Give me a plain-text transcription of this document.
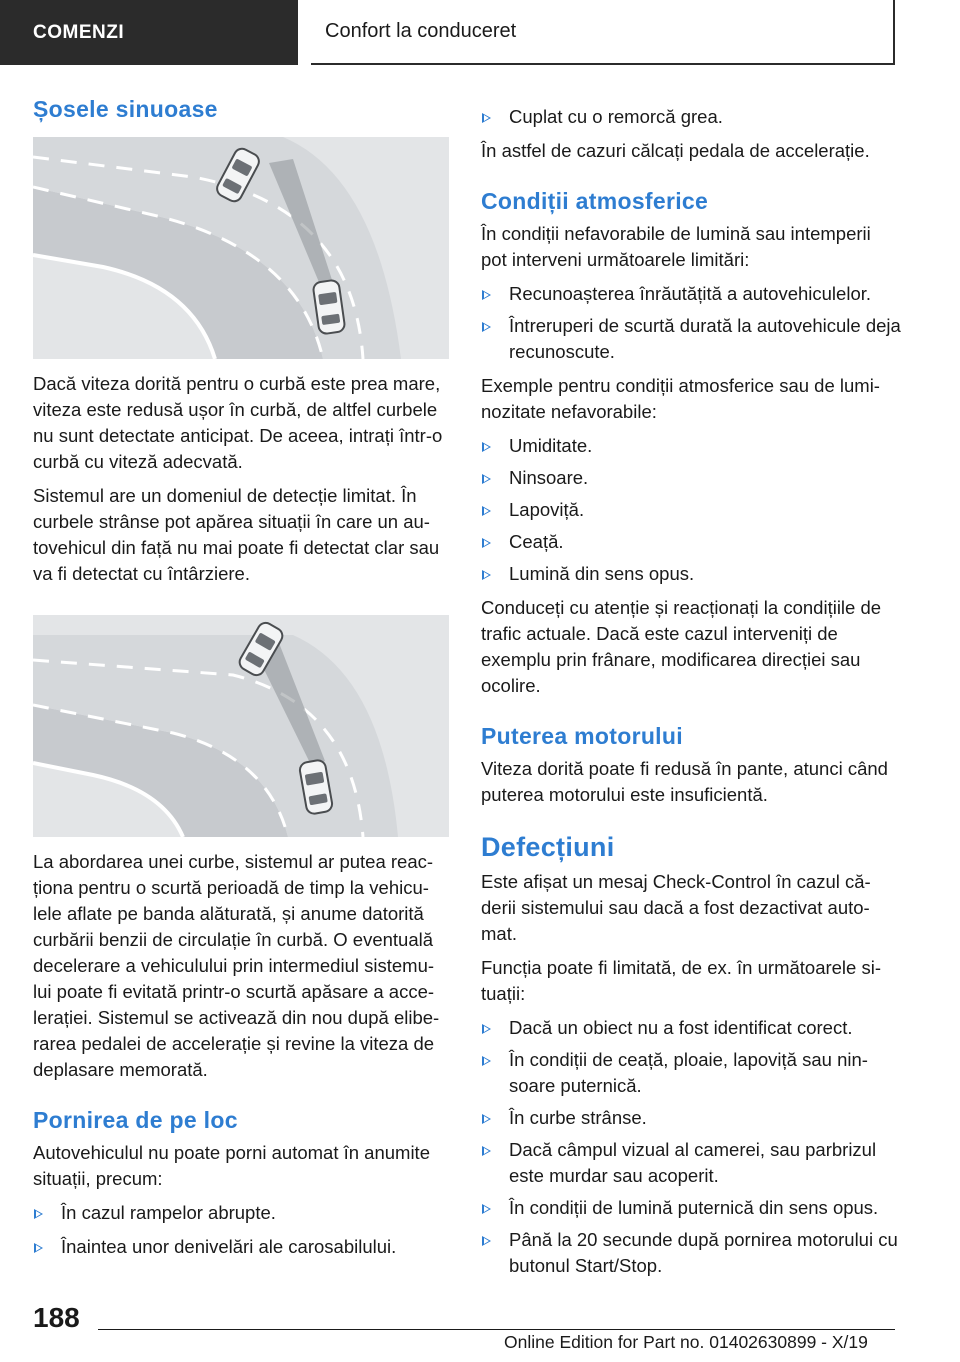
COMENZI	Confort la conduceret
Șosele sinuoase

Dacă viteza dorită pentru o curbă este prea mare, viteza este redusă ușor în curbă, de altfel curbele nu sunt detectate anticipat. De aceea, intrați într-o curbă cu viteză adecvată.

Sistemul are un domeniul de detecție limitat. În curbele strânse pot apărea situații în care un au-tovehicul din față nu mai poate fi detectat clar sau va fi detectat cu întârziere.

La abordarea unei curbe, sistemul ar putea reac-ționa pentru o scurtă perioadă de timp la vehicu-lele aflate pe banda alăturată, și anume datorită curbării benzii de circulație în curbă. O eventuală decelerare a vehiculului prin intermediul sistemu-lui poate fi evitată printr-o scurtă apăsare a acce-lerației. Sistemul se activează din nou după elibe-rarea pedalei de accelerație și revine la viteza de deplasare memorată.

Pornirea de pe loc

Autovehiculul nu poate porni automat în anumite situații, precum:

În cazul rampelor abrupte.
Înaintea unor denivelări ale carosabilului.
Cuplat cu o remorcă grea.

În astfel de cazuri călcați pedala de accelerație.

Condiții atmosferice

În condiții nefavorabile de lumină sau intemperii pot interveni următoarele limitări:

Recunoașterea înrăutățită a autovehiculelor.
Întreruperi de scurtă durată la autovehicule deja recunoscute.

Exemple pentru condiții atmosferice sau de lumi-nozitate nefavorabile:

Umiditate.
Ninsoare.
Lapoviță.
Ceață.
Lumină din sens opus.

Conduceți cu atenție și reacționați la condițiile de trafic actuale. Dacă este cazul interveniți de exemplu prin frânare, modificarea direcției sau ocolire.

Puterea motorului

Viteza dorită poate fi redusă în pante, atunci când puterea motorului este insuficientă.

Defecțiuni

Este afișat un mesaj Check-Control în cazul că-derii sistemului sau dacă a fost dezactivat auto-mat.

Funcția poate fi limitată, de ex. în următoarele si-tuații:

Dacă un obiect nu a fost identificat corect.
În condiții de ceață, ploaie, lapoviță sau nin-soare puternică.
În curbe strânse.
Dacă câmpul vizual al camerei, sau parbrizul este murdar sau acoperit.
În condiții de lumină puternică din sens opus.
Până la 20 secunde după pornirea motorului cu butonul Start/Stop.
188
Online Edition for Part no. 01402630899 - X/19
